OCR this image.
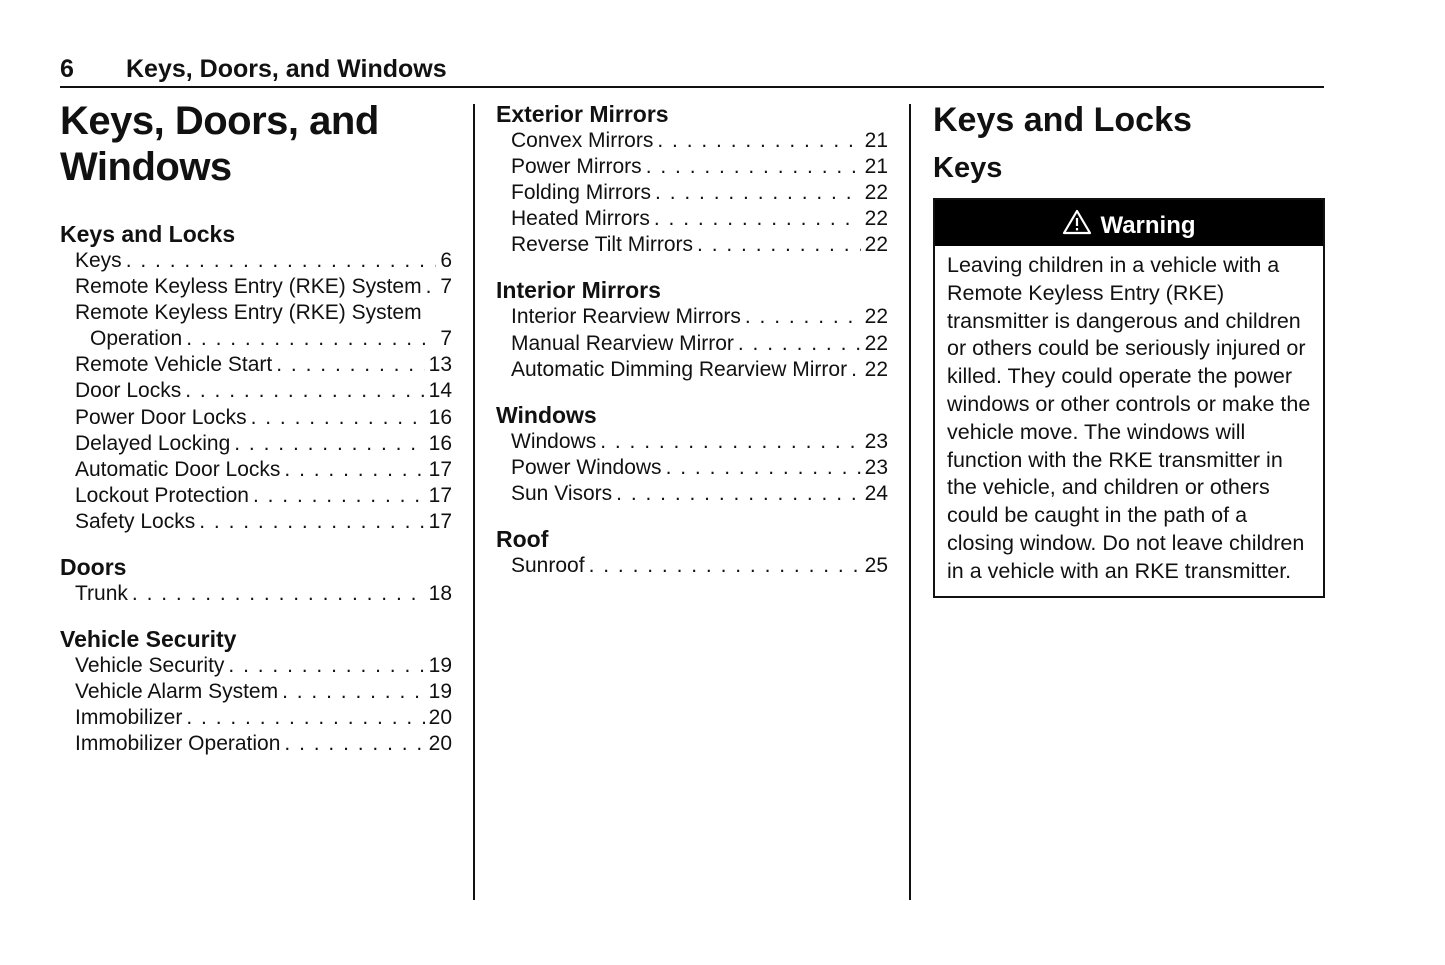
6 Keys, Doors, and Windows
Keys, Doors, and
Windows
Keys and Locks
Keys . . .	6
Remote Keyless Entry (RKE) System . . . 7
Remote Keyless Entry (RKE) System
Operation . . .	7
Remote Vehicle Start . . .	13
Door Locks . . .	14
Power Door Locks . . .	16
Delayed Locking . . .	16
Automatic Door Locks . . .	17
Lockout Protection . . .	17
Safety Locks . . .	17
Doors
Trunk . . .	18
Vehicle Security
Vehicle Security . . .	19
Vehicle Alarm System . . .	19
Immobilizer . . .	20
Immobilizer Operation . . .	20
Exterior Mirrors
Convex Mirrors . . .	21
Power Mirrors . . .	21
Folding Mirrors . . .	22
Heated Mirrors . . .	22
Reverse Tilt Mirrors . . .	22
Interior Mirrors
Interior Rearview Mirrors . . .	22
Manual Rearview Mirror . . .	22
Automatic Dimming Rearview Mirror . . . 22
Windows
Windows . . .	23
Power Windows . . .	23
Sun Visors . . .	24
Roof
Sunroof . . .	25
Keys and Locks
Keys
Warning

Leaving children in a vehicle with a Remote Keyless Entry (RKE) transmitter is dangerous and children or others could be seriously injured or killed. They could operate the power windows or other controls or make the vehicle move. The windows will function with the RKE transmitter in the vehicle, and children or others could be caught in the path of a closing window. Do not leave children in a vehicle with an RKE transmitter.
